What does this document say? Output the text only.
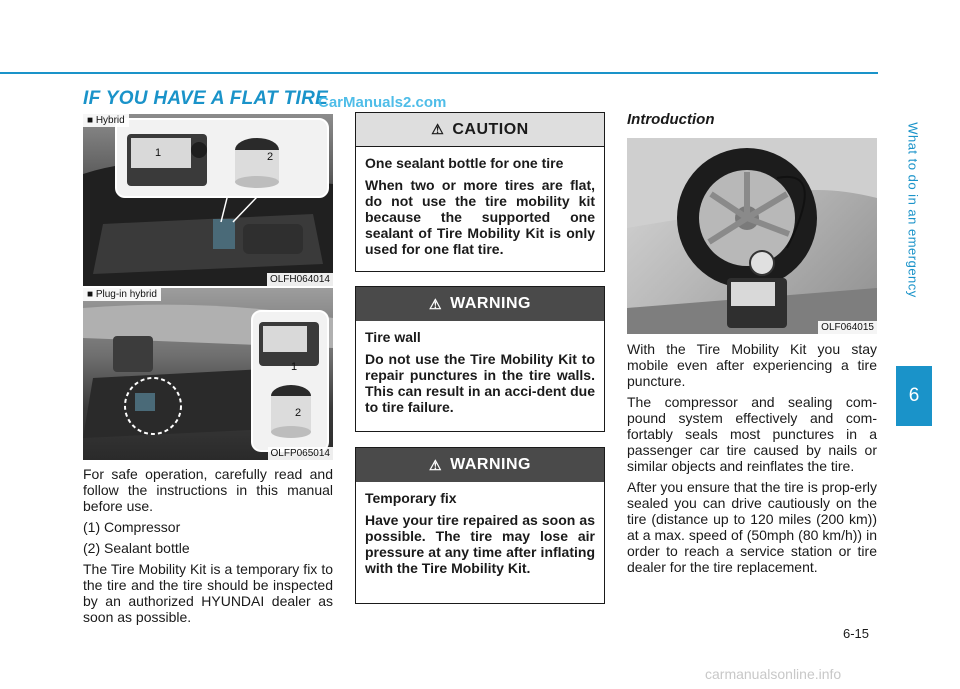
IF YOU HAVE A FLAT TIRE
CarManuals2.com
What to do in an emergency
6
1	2
■ Hybrid
OLFH064014
1
2
■ Plug-in hybrid
OLFP065014

For safe operation, carefully read and follow the instructions in this manual before use.

(1) Compressor

(2) Sealant bottle

The Tire Mobility Kit is a temporary fix to the tire and the tire should be inspected by an authorized HYUNDAI dealer as soon as possible.

⚠ CAUTION

One sealant bottle for one tire

When two or more tires are flat, do not use the tire mobility kit because the supported one sealant of Tire Mobility Kit is only used for one flat tire.

⚠ WARNING

Tire wall

Do not use the Tire Mobility Kit to repair punctures in the tire walls. This can result in an acci-dent due to tire failure.

⚠ WARNING

Temporary fix

Have your tire repaired as soon as possible. The tire may lose air pressure at any time after inflating with the Tire Mobility Kit.

Introduction
OLF064015

With the Tire Mobility Kit you stay mobile even after experiencing a tire puncture.

The compressor and sealing com-pound system effectively and com-fortably seals most punctures in a passenger car tire caused by nails or similar objects and reinflates the tire.

After you ensure that the tire is prop-erly sealed you can drive cautiously on the tire (distance up to 120 miles (200 km)) at a max. speed of (50mph (80 km/h)) in order to reach a service station or tire dealer for the tire replacement.

6-15
carmanualsonline.info
